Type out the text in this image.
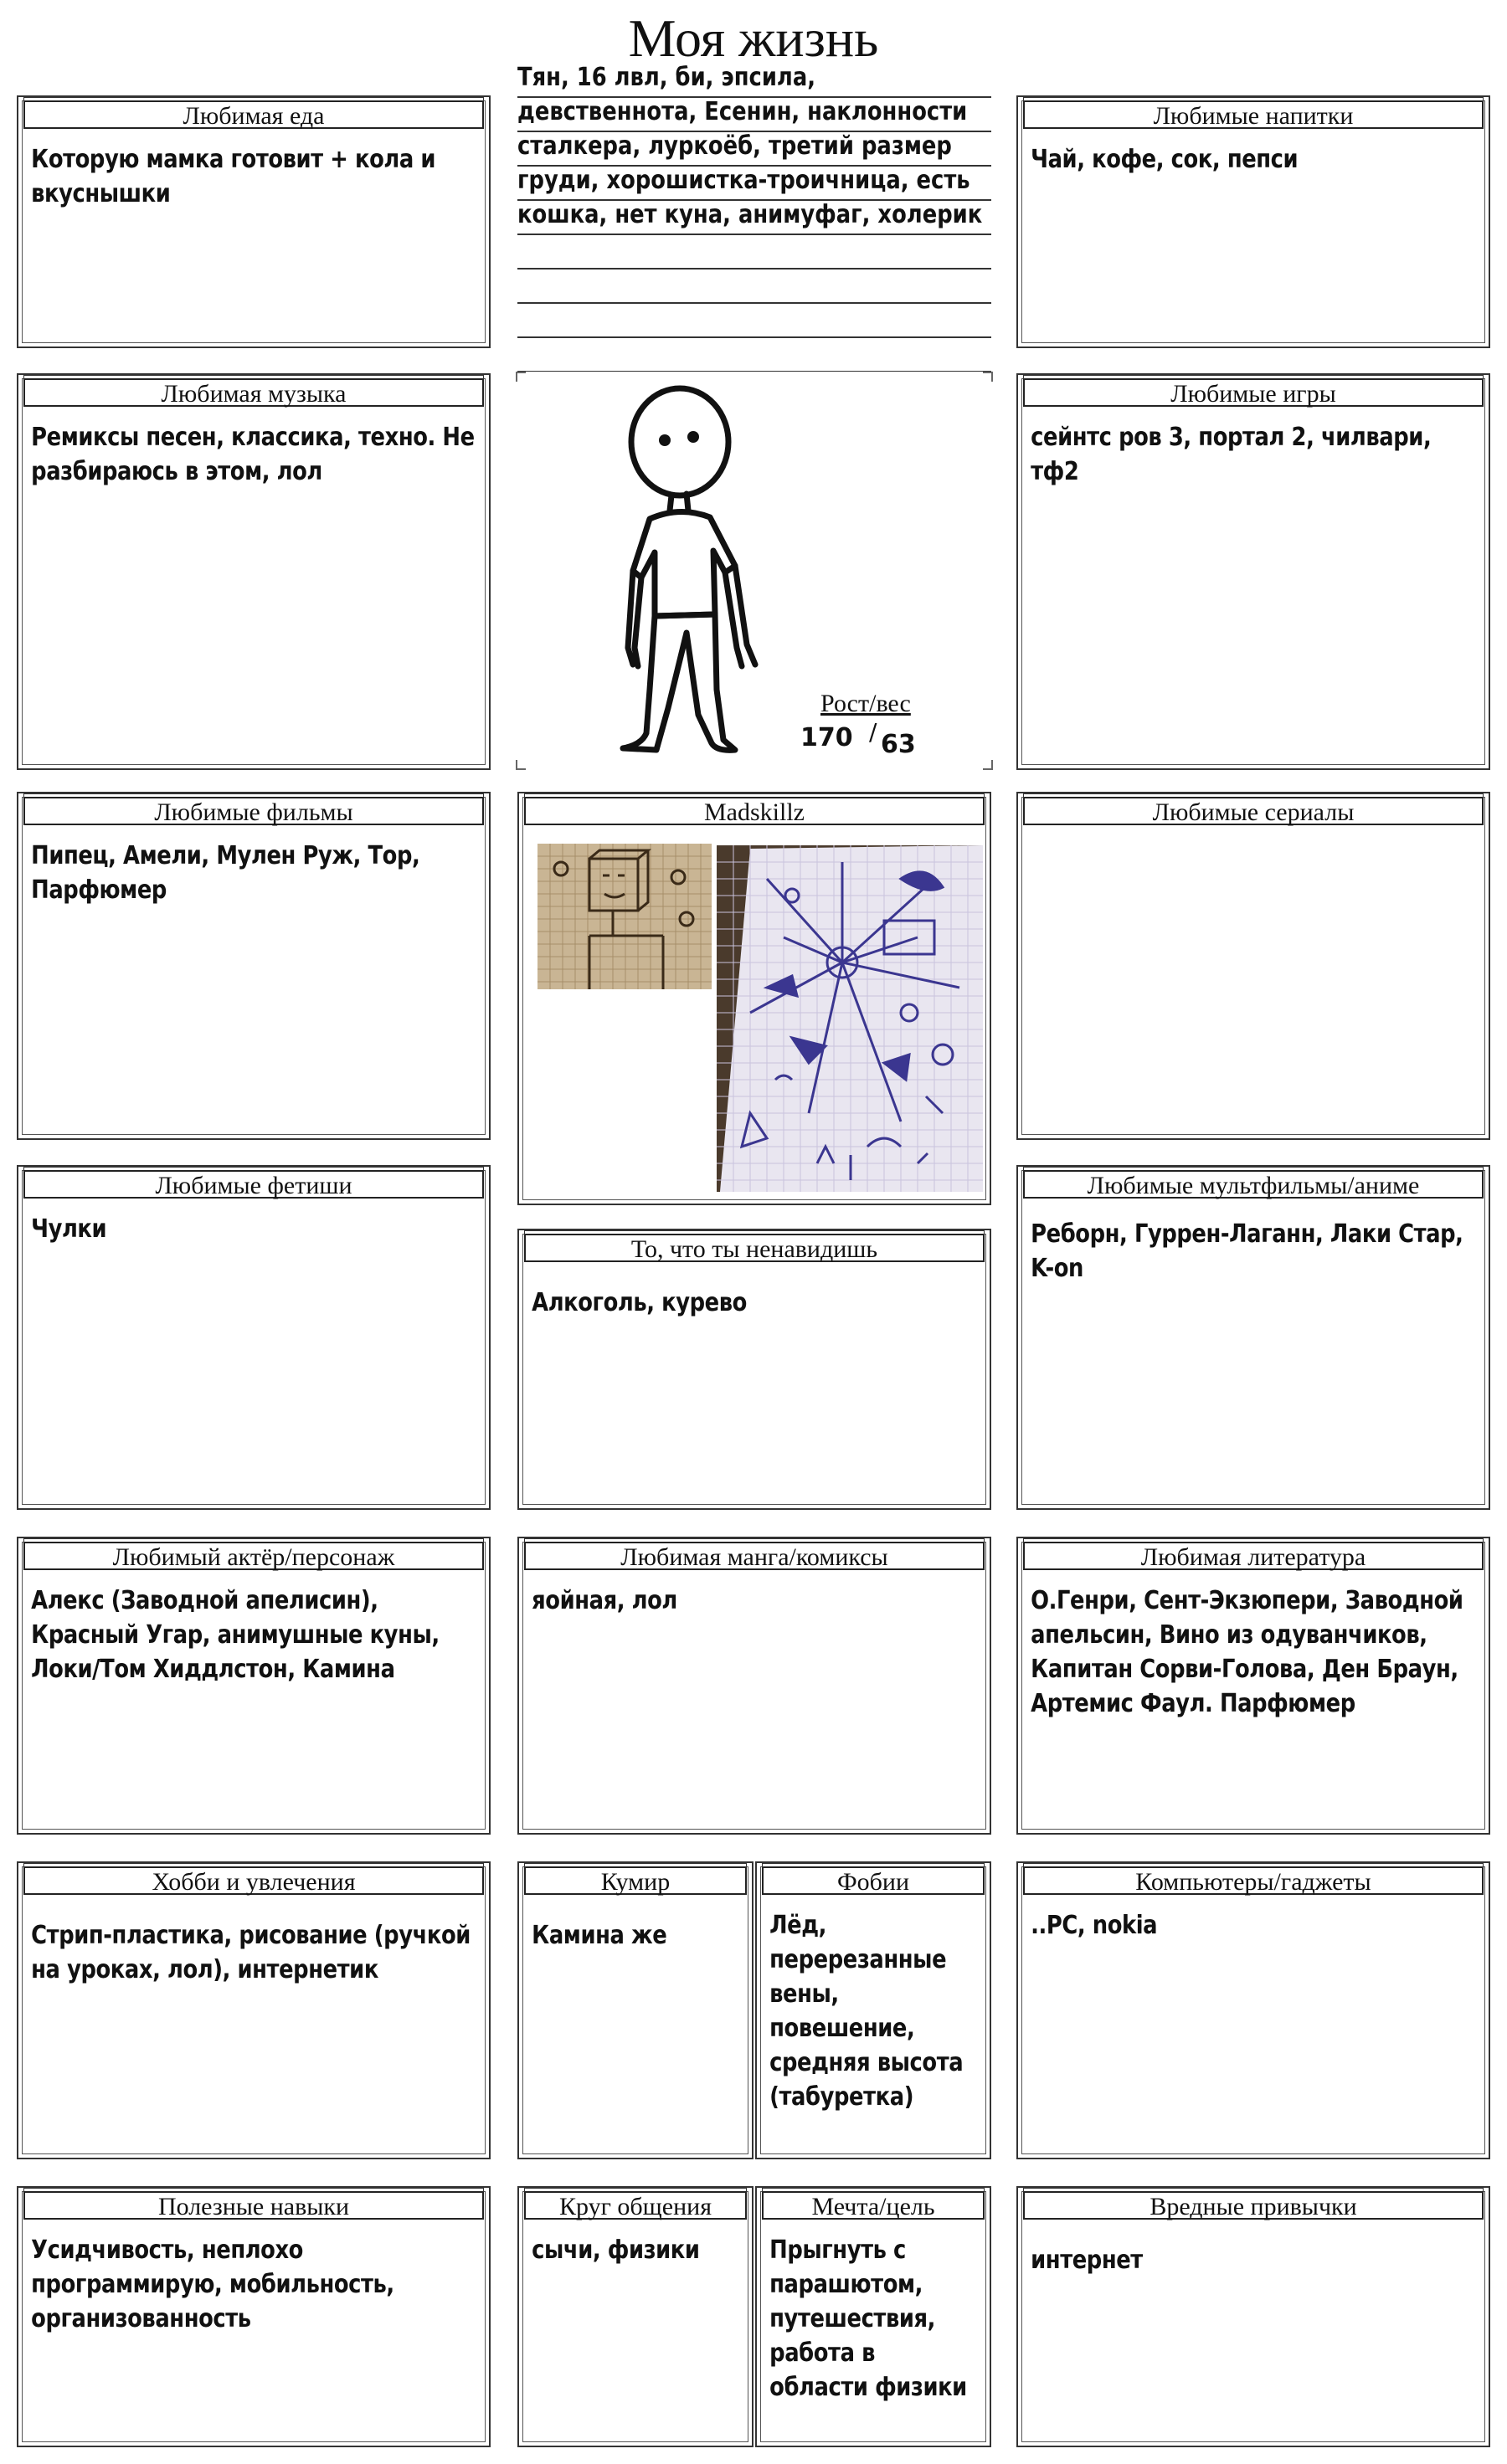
Моя жизнь
Тян, 16 лвл, би, эпсила, девственнота, Есенин, наклонности сталкера, луркоёб, третий размер груди, хорошистка-троичница, есть кошка, нет куна, анимуфаг, холерик
Любимая еда
Которую мамка готовит + кола и вкуснышки
Любимые напитки
Чай, кофе, сок, пепси
Любимая музыка
Ремиксы песен, классика, техно. Не разбираюсь в этом, лол
Рост/вес
170 / 63
Любимые игры
сейнтс ров 3, портал 2, чилвари, тф2
Любимые фильмы
Пипец, Амели, Мулен Руж, Тор, Парфюмер
Madskillz	Любимые сериалы
Любимые фетиши
Чулки
То, что ты ненавидишь
Алкоголь, курево
Любимые мультфильмы/аниме
Реборн, Гуррен-Лаганн, Лаки Стар, K-on
Любимый актёр/персонаж
Алекс (Заводной апелисин), Красный Угар, анимушные куны, Локи/Том Хиддлстон, Камина
Любимая манга/комиксы
яойная, лол
Любимая литература
О.Генри, Сент-Экзюпери, Заводной апельсин, Вино из одуванчиков, Капитан Сорви-Голова, Ден Браун, Артемис Фаул. Парфюмер
Хобби и увлечения
Стрип-пластика, рисование (ручкой на уроках, лол), интернетик
Кумир
Камина же
Фобии
Лёд, перерезанные вены, повешение, средняя высота (табуретка)
Компьютеры/гаджеты
..PC, nokia
Полезные навыки
Усидчивость, неплохо программирую, мобильность, организованность
Круг общения
сычи, физики
Мечта/цель
Прыгнуть с парашютом, путешествия, работа в области физики
Вредные привычки
интернет
